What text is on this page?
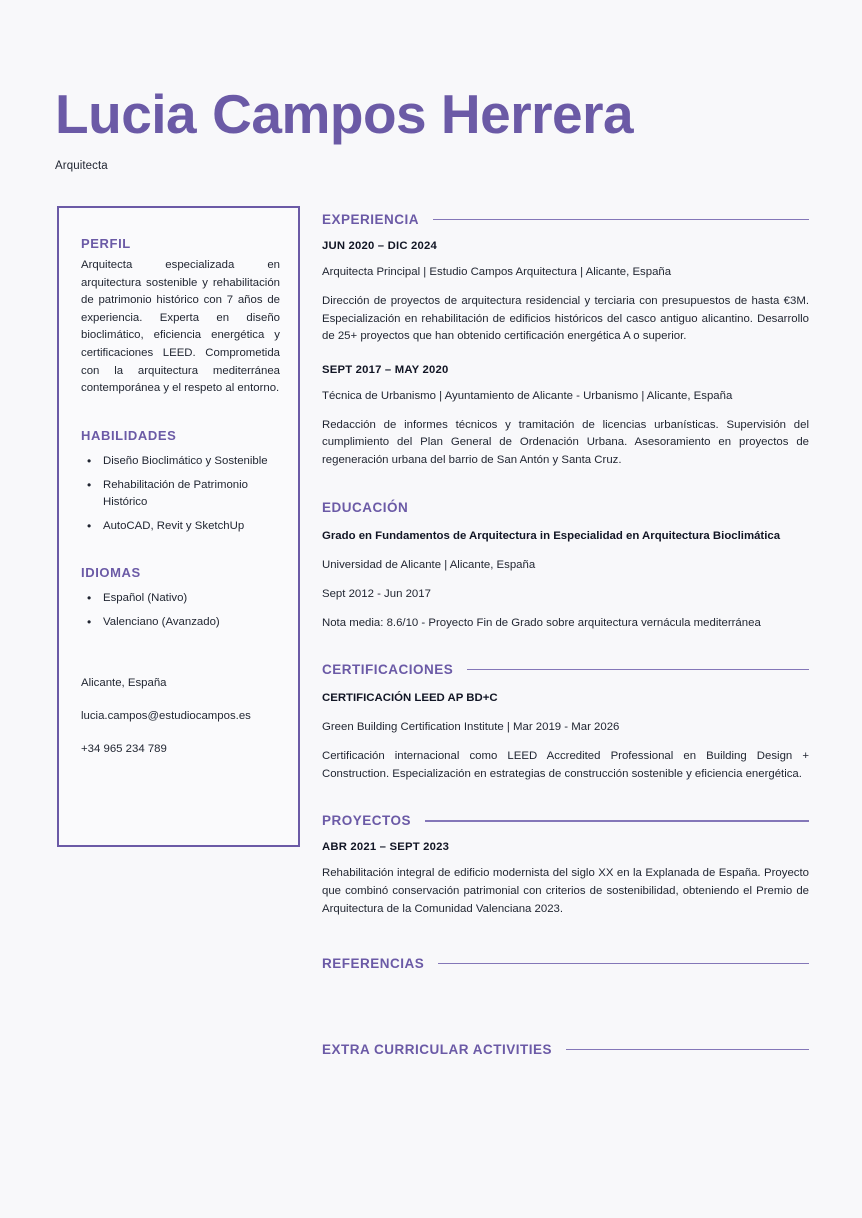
Lucia Campos Herrera
Arquitecta
PERFIL

Arquitecta especializada en arquitectura sostenible y rehabilitación de patrimonio histórico con 7 años de experiencia. Experta en diseño bioclimático, eficiencia energética y certificaciones LEED. Comprometida con la arquitectura mediterránea contemporánea y el respeto al entorno.

HABILIDADES
• Diseño Bioclimático y Sostenible
• Rehabilitación de Patrimonio Histórico
• AutoCAD, Revit y SketchUp
IDIOMAS
• Español (Nativo)
• Valenciano (Avanzado)
Alicante, España
lucia.campos@estudiocampos.es
+34 965 234 789
EXPERIENCIA
JUN 2020 – DIC 2024
Arquitecta Principal | Estudio Campos Arquitectura | Alicante, España

Dirección de proyectos de arquitectura residencial y terciaria con presupuestos de hasta €3M. Especialización en rehabilitación de edificios históricos del casco antiguo alicantino. Desarrollo de 25+ proyectos que han obtenido certificación energética A o superior.

SEPT 2017 – MAY 2020
Técnica de Urbanismo | Ayuntamiento de Alicante - Urbanismo | Alicante, España

Redacción de informes técnicos y tramitación de licencias urbanísticas. Supervisión del cumplimiento del Plan General de Ordenación Urbana. Asesoramiento en proyectos de regeneración urbana del barrio de San Antón y Santa Cruz.

EDUCACIÓN
Grado en Fundamentos de Arquitectura in Especialidad en Arquitectura Bioclimática
Universidad de Alicante | Alicante, España
Sept 2012 - Jun 2017

Nota media: 8.6/10 - Proyecto Fin de Grado sobre arquitectura vernácula mediterránea

CERTIFICACIONES
CERTIFICACIÓN LEED AP BD+C
Green Building Certification Institute | Mar 2019 - Mar 2026

Certificación internacional como LEED Accredited Professional en Building Design + Construction. Especialización en estrategias de construcción sostenible y eficiencia energética.

PROYECTOS
ABR 2021 – SEPT 2023

Rehabilitación integral de edificio modernista del siglo XX en la Explanada de España. Proyecto que combinó conservación patrimonial con criterios de sostenibilidad, obteniendo el Premio de Arquitectura de la Comunidad Valenciana 2023.

REFERENCIAS
EXTRA CURRICULAR ACTIVITIES
